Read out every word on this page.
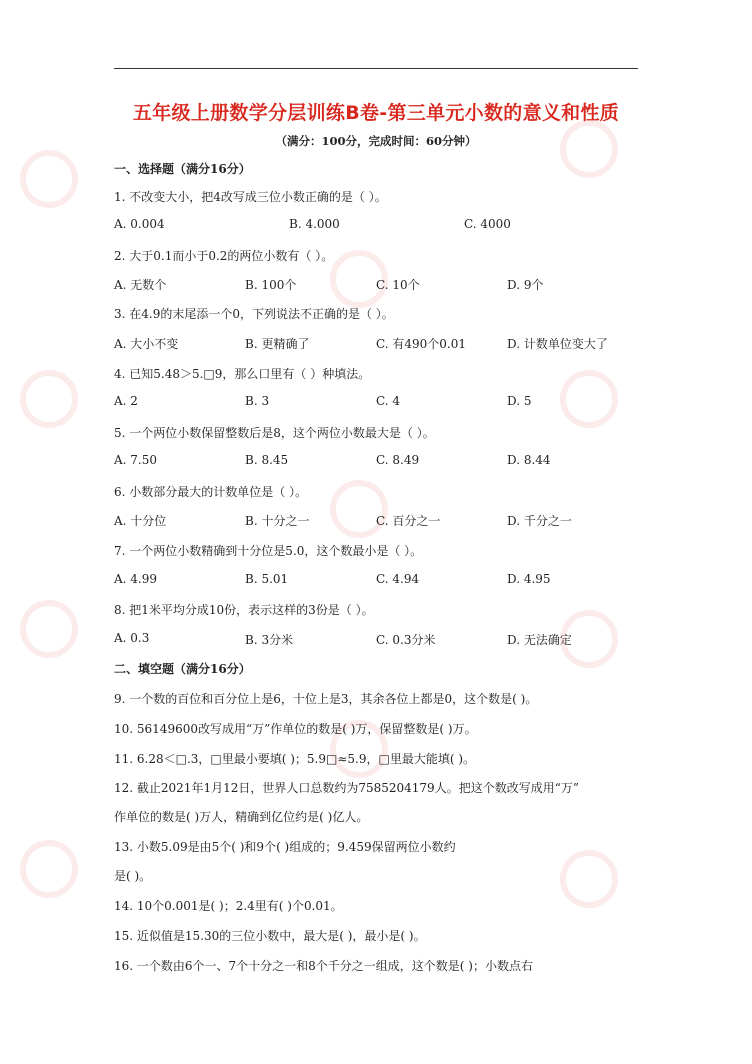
五年级上册数学分层训练B卷-第三单元小数的意义和性质
（满分：100分，完成时间：60分钟）
一、选择题（满分16分）
1. 不改变大小，把4改写成三位小数正确的是（ ）。
A. 0.004	B. 4.000	C. 4000
2. 大于0.1而小于0.2的两位小数有（ ）。
A. 无数个	B. 100个	C. 10个	D. 9个
3. 在4.9的末尾添一个0，下列说法不正确的是（ ）。
A. 大小不变	B. 更精确了	C. 有490个0.01	D. 计数单位变大了
4. 已知5.48＞5.□9，那么口里有（ ）种填法。
A. 2	B. 3	C. 4	D. 5
5. 一个两位小数保留整数后是8，这个两位小数最大是（ ）。
A. 7.50	B. 8.45	C. 8.49	D. 8.44
6. 小数部分最大的计数单位是（ ）。
A. 十分位	B. 十分之一	C. 百分之一	D. 千分之一
7. 一个两位小数精确到十分位是5.0，这个数最小是（ ）。
A. 4.99	B. 5.01	C. 4.94	D. 4.95
8. 把1米平均分成10份，表示这样的3份是（ ）。
A. 0.3	B. 3分米	C. 0.3分米	D. 无法确定
二、填空题（满分16分）
9. 一个数的百位和百分位上是6，十位上是3，其余各位上都是0，这个数是( )。
10. 56149600改写成用“万”作单位的数是( )万，保留整数是( )万。
11. 6.28＜□.3，□里最小要填( )；5.9□≈5.9，□里最大能填( )。
12. 截止2021年1月12日，世界人口总数约为7585204179人。把这个数改写成用“万”
作单位的数是( )万人，精确到亿位约是( )亿人。
13. 小数5.09是由5个( )和9个( )组成的；9.459保留两位小数约
是( )。
14. 10个0.001是( )；2.4里有( )个0.01。
15. 近似值是15.30的三位小数中，最大是( )，最小是( )。
16. 一个数由6个一、7个十分之一和8个千分之一组成，这个数是( )；小数点右
